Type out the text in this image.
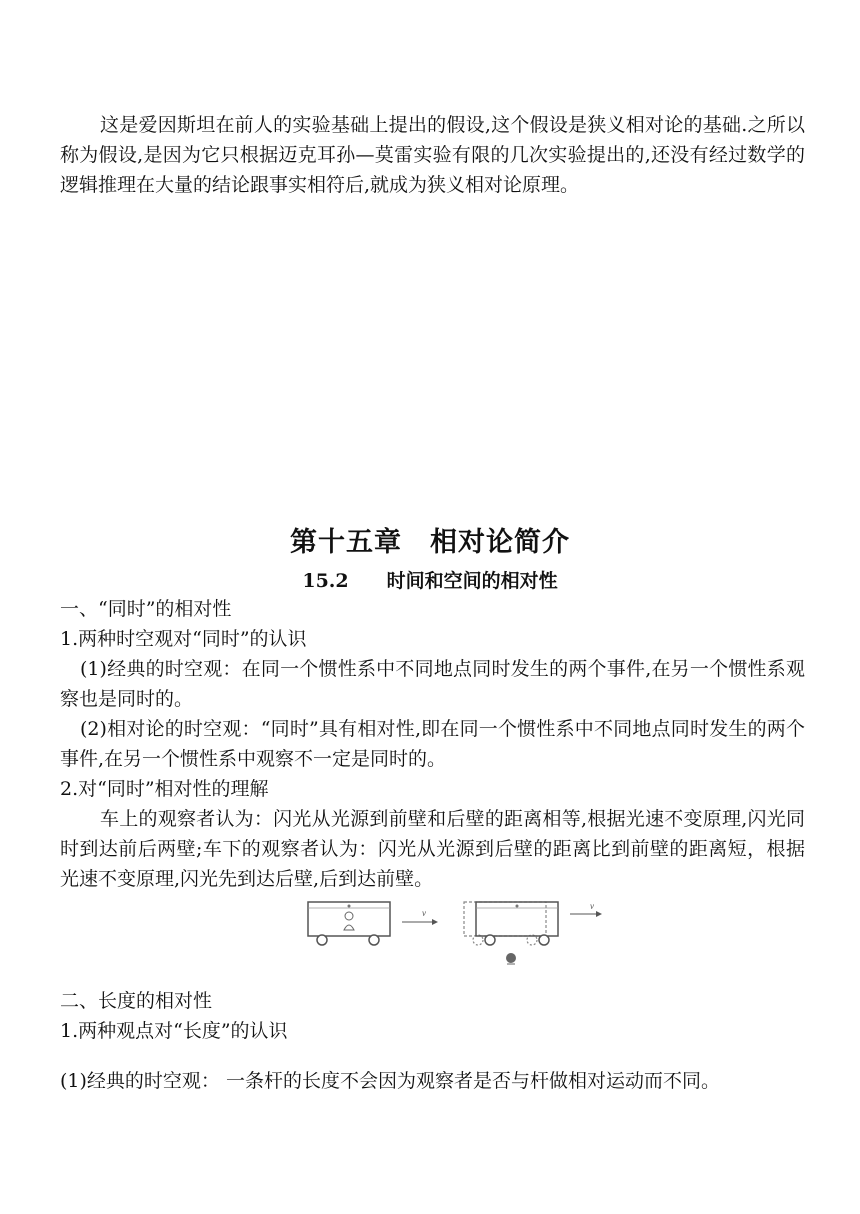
这是爱因斯坦在前人的实验基础上提出的假设,这个假设是狭义相对论的基础.之所以称为假设,是因为它只根据迈克耳孙—莫雷实验有限的几次实验提出的,还没有经过数学的逻辑推理在大量的结论跟事实相符后,就成为狭义相对论原理。

第十五章　相对论简介
15.2　　时间和空间的相对性

一、“同时”的相对性

1.两种时空观对“同时”的认识

(1)经典的时空观：在同一个惯性系中不同地点同时发生的两个事件,在另一个惯性系观察也是同时的。

(2)相对论的时空观：“同时”具有相对性,即在同一个惯性系中不同地点同时发生的两个事件,在另一个惯性系中观察不一定是同时的。

2.对“同时”相对性的理解

车上的观察者认为：闪光从光源到前壁和后壁的距离相等,根据光速不变原理,闪光同时到达前后两壁;车下的观察者认为：闪光从光源到后壁的距离比到前壁的距离短，根据光速不变原理,闪光先到达后壁,后到达前壁。

v
v

二、长度的相对性

1.两种观点对“长度”的认识

(1)经典的时空观： 一条杆的长度不会因为观察者是否与杆做相对运动而不同。
